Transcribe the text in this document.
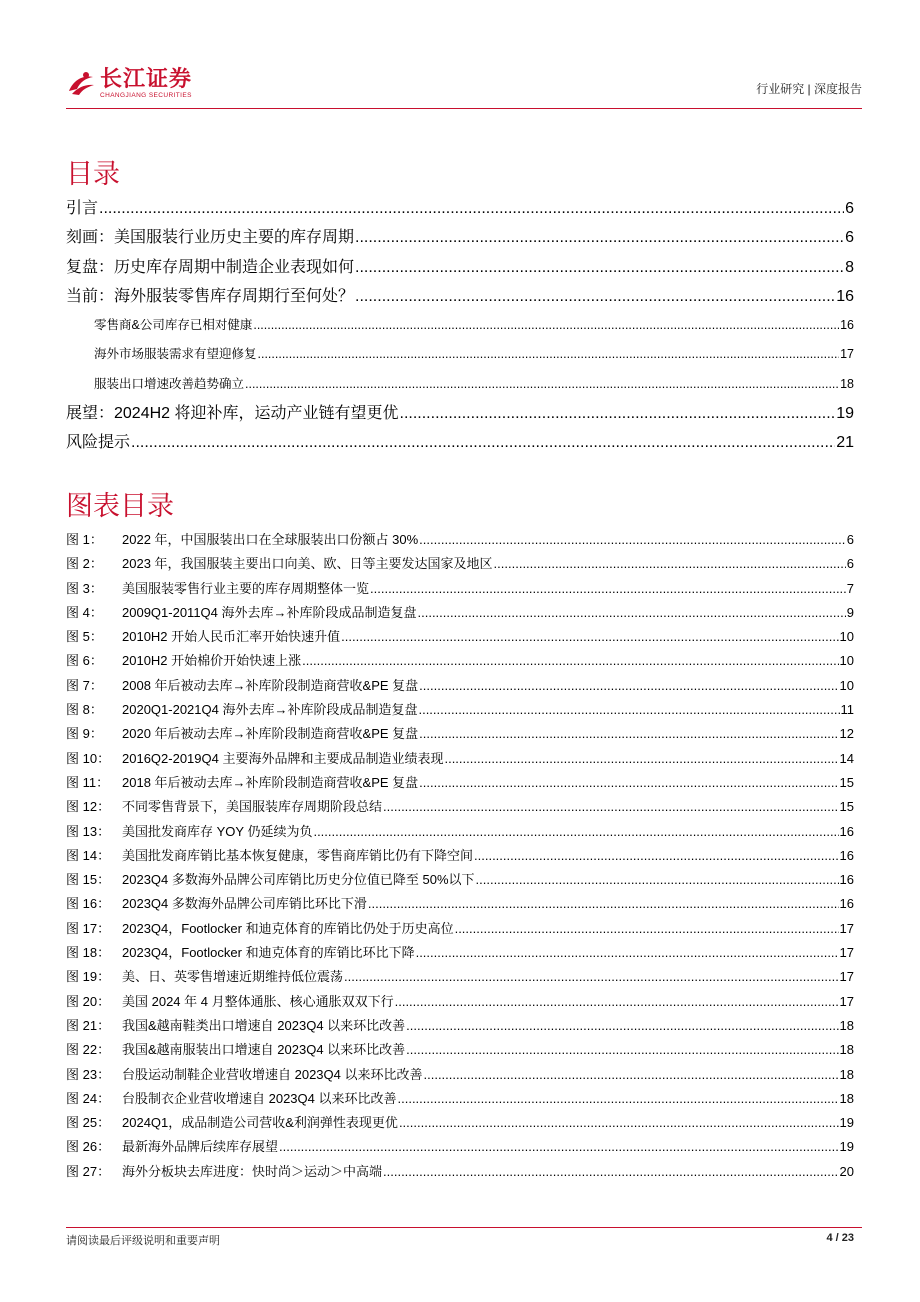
长江证券
CHANGJIANG SECURITIES	行业研究 | 深度报告
目录
引言 .....	6
刻画：美国服装行业历史主要的库存周期 .....	6
复盘：历史库存周期中制造企业表现如何 .....	8
当前：海外服装零售库存周期行至何处？ .....	16
零售商&公司库存已相对健康 .....	16
海外市场服装需求有望迎修复 .....	17
服装出口增速改善趋势确立 .....	18
展望：2024H2 将迎补库，运动产业链有望更优 .....	19
风险提示 .....	21
图表目录
图 1： 2022 年，中国服装出口在全球服装出口份额占 30% .....	6
图 2： 2023 年，我国服装主要出口向美、欧、日等主要发达国家及地区 .....	6
图 3： 美国服装零售行业主要的库存周期整体一览 .....	7
图 4： 2009Q1-2011Q4 海外去库→补库阶段成品制造复盘 .....	9
图 5： 2010H2 开始人民币汇率开始快速升值 .....	10
图 6： 2010H2 开始棉价开始快速上涨 .....	10
图 7： 2008 年后被动去库→补库阶段制造商营收&PE 复盘 .....	10
图 8： 2020Q1-2021Q4 海外去库→补库阶段成品制造复盘 .....	11
图 9： 2020 年后被动去库→补库阶段制造商营收&PE 复盘 .....	12
图 10： 2016Q2-2019Q4 主要海外品牌和主要成品制造业绩表现 .....	14
图 11： 2018 年后被动去库→补库阶段制造商营收&PE 复盘 .....	15
图 12： 不同零售背景下，美国服装库存周期阶段总结 .....	15
图 13： 美国批发商库存 YOY 仍延续为负 .....	16
图 14： 美国批发商库销比基本恢复健康，零售商库销比仍有下降空间 .....	16
图 15： 2023Q4 多数海外品牌公司库销比历史分位值已降至 50%以下 .....	16
图 16： 2023Q4 多数海外品牌公司库销比环比下滑 .....	16
图 17： 2023Q4，Footlocker 和迪克体育的库销比仍处于历史高位 .....	17
图 18： 2023Q4，Footlocker 和迪克体育的库销比环比下降 .....	17
图 19： 美、日、英零售增速近期维持低位震荡 .....	17
图 20： 美国 2024 年 4 月整体通胀、核心通胀双双下行 .....	17
图 21： 我国&越南鞋类出口增速自 2023Q4 以来环比改善 .....	18
图 22： 我国&越南服装出口增速自 2023Q4 以来环比改善 .....	18
图 23： 台股运动制鞋企业营收增速自 2023Q4 以来环比改善 .....	18
图 24： 台股制衣企业营收增速自 2023Q4 以来环比改善 .....	18
图 25： 2024Q1，成品制造公司营收&利润弹性表现更优 .....	19
图 26： 最新海外品牌后续库存展望 .....	19
图 27： 海外分板块去库进度：快时尚＞运动＞中高端 .....	20
请阅读最后评级说明和重要声明	4 / 23
